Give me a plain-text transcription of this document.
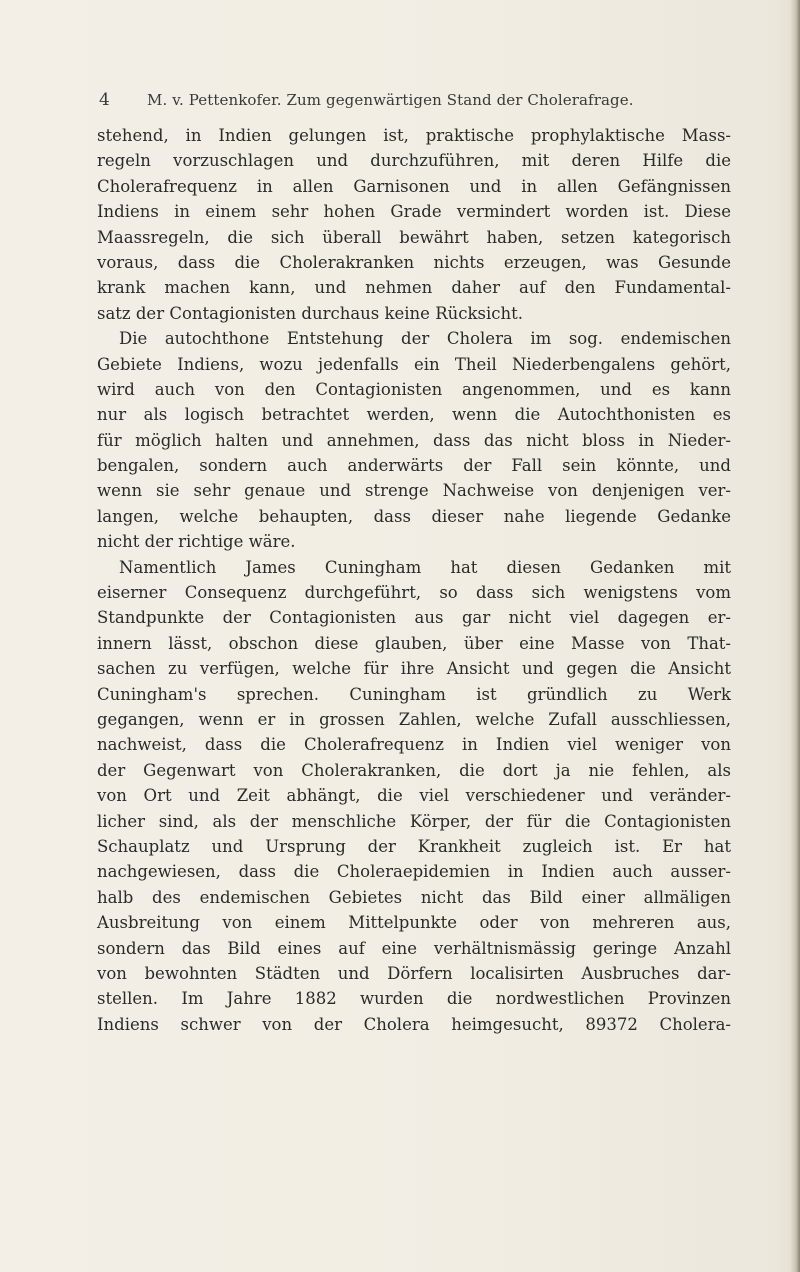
4 M. v. Pettenkofer. Zum gegenwärtigen Stand der Cholerafrage.
stehend, in Indien gelungen ist, praktische prophylaktische Mass-
regeln vorzuschlagen und durchzuführen, mit deren Hilfe die
Cholerafrequenz in allen Garnisonen und in allen Gefängnissen
Indiens in einem sehr hohen Grade vermindert worden ist. Diese
Maassregeln, die sich überall bewährt haben, setzen kategorisch
voraus, dass die Cholerakranken nichts erzeugen, was Gesunde
krank machen kann, und nehmen daher auf den Fundamental-
satz der Contagionisten durchaus keine Rücksicht.
Die autochthone Entstehung der Cholera im sog. endemischen
Gebiete Indiens, wozu jedenfalls ein Theil Niederbengalens gehört,
wird auch von den Contagionisten angenommen, und es kann
nur als logisch betrachtet werden, wenn die Autochthonisten es
für möglich halten und annehmen, dass das nicht bloss in Nieder-
bengalen, sondern auch anderwärts der Fall sein könnte, und
wenn sie sehr genaue und strenge Nachweise von denjenigen ver-
langen, welche behaupten, dass dieser nahe liegende Gedanke
nicht der richtige wäre.
Namentlich James Cuningham hat diesen Gedanken mit
eiserner Consequenz durchgeführt, so dass sich wenigstens vom
Standpunkte der Contagionisten aus gar nicht viel dagegen er-
innern lässt, obschon diese glauben, über eine Masse von That-
sachen zu verfügen, welche für ihre Ansicht und gegen die Ansicht
Cuningham's sprechen. Cuningham ist gründlich zu Werk
gegangen, wenn er in grossen Zahlen, welche Zufall ausschliessen,
nachweist, dass die Cholerafrequenz in Indien viel weniger von
der Gegenwart von Cholerakranken, die dort ja nie fehlen, als
von Ort und Zeit abhängt, die viel verschiedener und veränder-
licher sind, als der menschliche Körper, der für die Contagionisten
Schauplatz und Ursprung der Krankheit zugleich ist. Er hat
nachgewiesen, dass die Choleraepidemien in Indien auch ausser-
halb des endemischen Gebietes nicht das Bild einer allmäligen
Ausbreitung von einem Mittelpunkte oder von mehreren aus,
sondern das Bild eines auf eine verhältnismässig geringe Anzahl
von bewohnten Städten und Dörfern localisirten Ausbruches dar-
stellen. Im Jahre 1882 wurden die nordwestlichen Provinzen
Indiens schwer von der Cholera heimgesucht, 89372 Cholera-
